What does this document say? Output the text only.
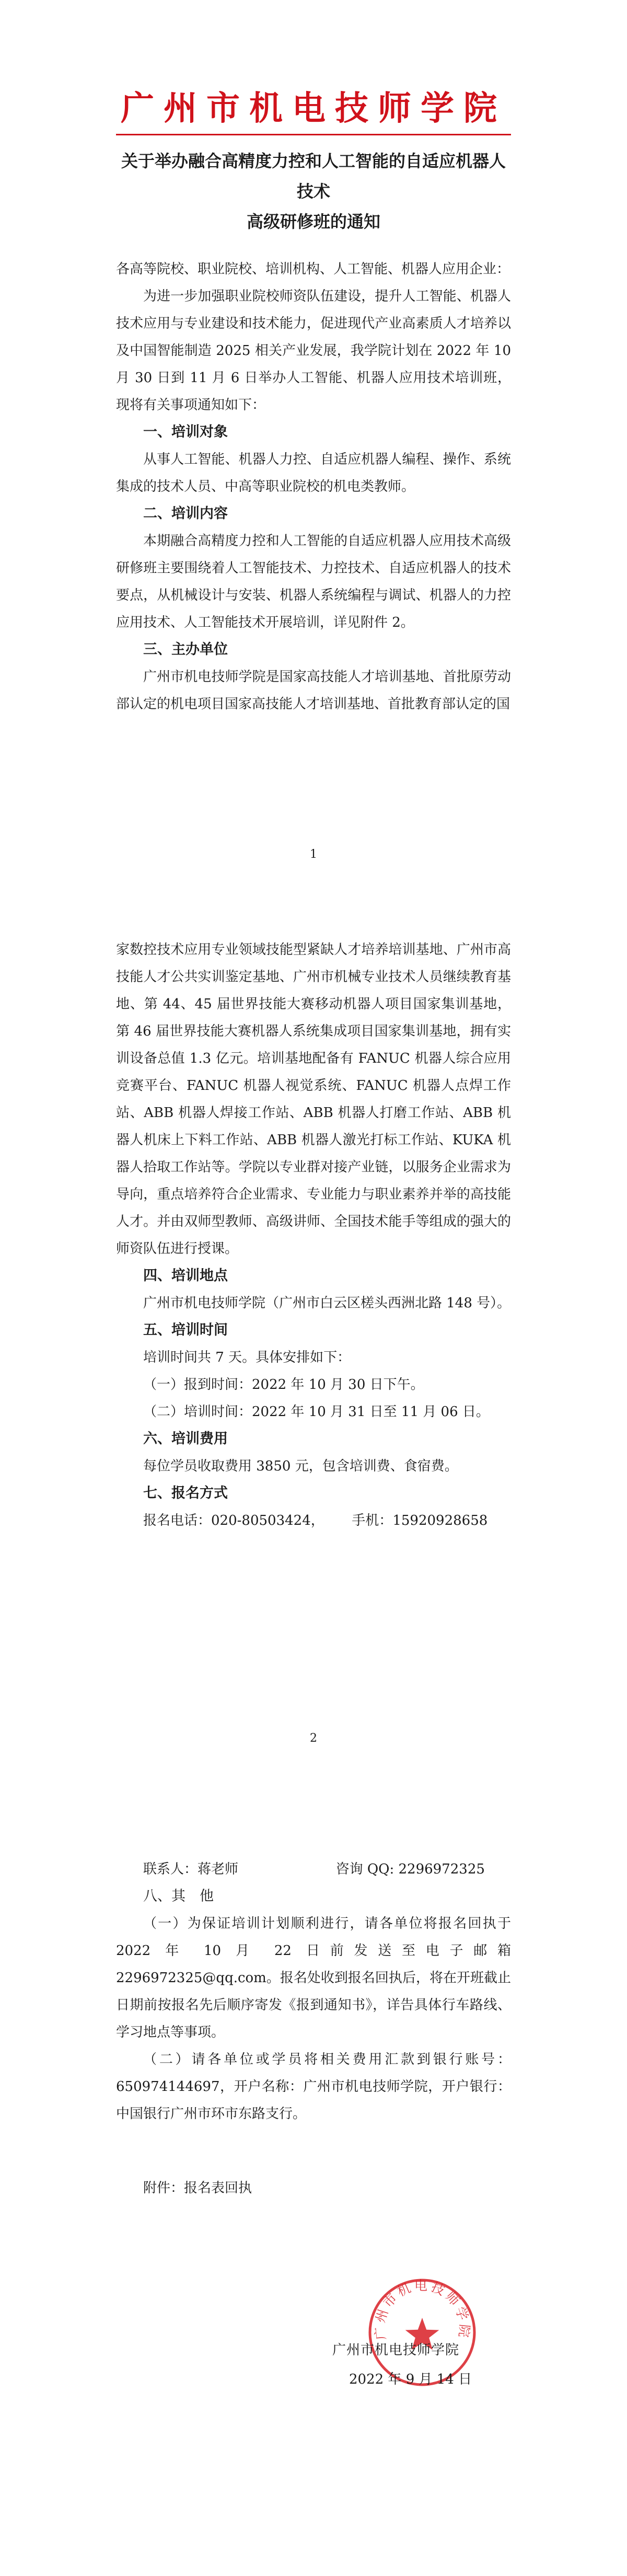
广州市机电技师学院
关于举办融合高精度力控和人工智能的自适应机器人技术
高级研修班的通知

各高等院校、职业院校、培训机构、人工智能、机器人应用企业：

为进一步加强职业院校师资队伍建设，提升人工智能、机器人技术应用与专业建设和技术能力，促进现代产业高素质人才培养以及中国智能制造 2025 相关产业发展，我学院计划在 2022 年 10 月 30 日到 11 月 6 日举办人工智能、机器人应用技术培训班，现将有关事项通知如下：

一、培训对象

从事人工智能、机器人力控、自适应机器人编程、操作、系统集成的技术人员、中高等职业院校的机电类教师。

二、培训内容

本期融合高精度力控和人工智能的自适应机器人应用技术高级研修班主要围绕着人工智能技术、力控技术、自适应机器人的技术要点，从机械设计与安装、机器人系统编程与调试、机器人的力控应用技术、人工智能技术开展培训，详见附件 2。

三、主办单位

广州市机电技师学院是国家高技能人才培训基地、首批原劳动部认定的机电项目国家高技能人才培训基地、首批教育部认定的国

1

家数控技术应用专业领域技能型紧缺人才培养培训基地、广州市高技能人才公共实训鉴定基地、广州市机械专业技术人员继续教育基地、第 44、45 届世界技能大赛移动机器人项目国家集训基地，第 46 届世界技能大赛机器人系统集成项目国家集训基地，拥有实训设备总值 1.3 亿元。培训基地配备有 FANUC 机器人综合应用竞赛平台、FANUC 机器人视觉系统、FANUC 机器人点焊工作站、ABB 机器人焊接工作站、ABB 机器人打磨工作站、ABB 机器人机床上下料工作站、ABB 机器人激光打标工作站、KUKA 机器人拾取工作站等。学院以专业群对接产业链，以服务企业需求为导向，重点培养符合企业需求、专业能力与职业素养并举的高技能人才。并由双师型教师、高级讲师、全国技术能手等组成的强大的师资队伍进行授课。

四、培训地点

广州市机电技师学院（广州市白云区槎头西洲北路 148 号）。

五、培训时间

培训时间共 7 天。具体安排如下：

（一）报到时间：2022 年 10 月 30 日下午。

（二）培训时间：2022 年 10 月 31 日至 11 月 06 日。

六、培训费用

每位学员收取费用 3850 元，包含培训费、食宿费。

七、报名方式

报名电话：020-80503424， 手机：15920928658

2

联系人：蒋老师	咨询 QQ: 2296972325

八、其　他

（一）为保证培训计划顺利进行，请各单位将报名回执于 2022 年 10 月 22 日前发送至电子邮箱 2296972325@qq.com。报名处收到报名回执后，将在开班截止日期前按报名先后顺序寄发《报到通知书》，详告具体行车路线、学习地点等事项。

（二）请各单位或学员将相关费用汇款到银行账号：650974144697，开户名称：广州市机电技师学院，开户银行：中国银行广州市环市东路支行。

附件：报名表回执

广州市机电技师学院
广州市机电技师学院
2022 年 9 月 14 日
